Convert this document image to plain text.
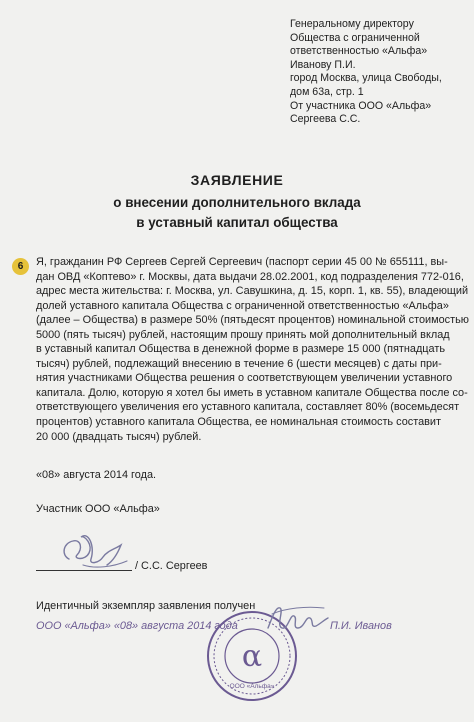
Генеральному директору
Общества с ограниченной
ответственностью «Альфа»
Иванову П.И.
город Москва, улица Свободы,
дом 63а, стр. 1
От участника ООО «Альфа»
Сергеева С.С.
ЗАЯВЛЕНИЕ
о внесении дополнительного вклада
в уставный капитал общества
6	Я, гражданин РФ Сергеев Сергей Сергеевич (паспорт серии 45 00 № 655111, вы-
дан ОВД «Коптево» г. Москвы, дата выдачи 28.02.2001, код подразделения 772-016,
адрес места жительства: г. Москва, ул. Савушкина, д. 15, корп. 1, кв. 55), владеющий
долей уставного капитала Общества с ограниченной ответственностью «Альфа»
(далее – Общества) в размере 50% (пятьдесят процентов) номинальной стоимостью
5000 (пять тысяч) рублей, настоящим прошу принять мой дополнительный вклад
в уставный капитал Общества в денежной форме в размере 15 000 (пятнадцать
тысяч) рублей, подлежащий внесению в течение 6 (шести месяцев) с даты при-
нятия участниками Общества решения о соответствующем увеличении уставного
капитала. Долю, которую я хотел бы иметь в уставном капитале Общества после со-
ответствующего увеличения его уставного капитала, составляет 80% (восемьдесят
процентов) уставного капитала Общества, ее номинальная стоимость составит
20 000 (двадцать тысяч) рублей.
«08» августа 2014 года.
Участник ООО «Альфа»
/ С.С. Сергеев
Идентичный экземпляр заявления получен
α
ООО «Альфа»
ООО «Альфа» «08» августа 2014 года	П.И. Иванов
